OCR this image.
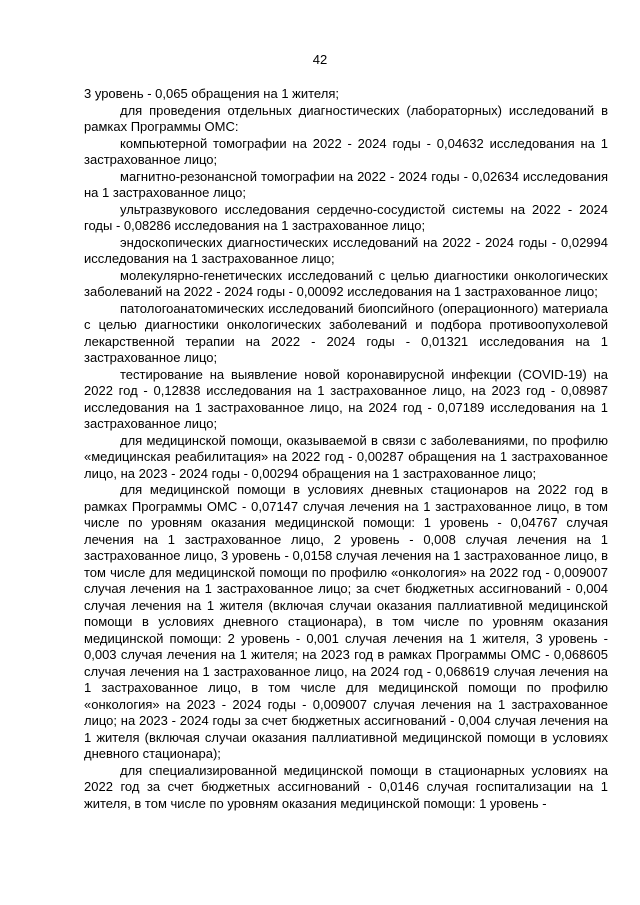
42

3 уровень - 0,065 обращения на 1 жителя;

для проведения отдельных диагностических (лабораторных) исследований в рамках Программы ОМС:

компьютерной томографии на 2022 - 2024 годы - 0,04632 исследования на 1 застрахованное лицо;

магнитно-резонансной томографии на 2022 - 2024 годы - 0,02634 исследования на 1 застрахованное лицо;

ультразвукового исследования сердечно-сосудистой системы на 2022 - 2024 годы - 0,08286 исследования на 1 застрахованное лицо;

эндоскопических диагностических исследований на 2022 - 2024 годы - 0,02994 исследования на 1 застрахованное лицо;

молекулярно-генетических исследований с целью диагностики онкологических заболеваний на 2022 - 2024 годы - 0,00092 исследования на 1 застрахованное лицо;

патологоанатомических исследований биопсийного (операционного) материала с целью диагностики онкологических заболеваний и подбора противоопухолевой лекарственной терапии на 2022 - 2024 годы - 0,01321 исследования на 1 застрахованное лицо;

тестирование на выявление новой коронавирусной инфекции (COVID-19) на 2022 год - 0,12838 исследования на 1 застрахованное лицо, на 2023 год - 0,08987 исследования на 1 застрахованное лицо, на 2024 год - 0,07189 исследования на 1 застрахованное лицо;

для медицинской помощи, оказываемой в связи с заболеваниями, по профилю «медицинская реабилитация» на 2022 год - 0,00287 обращения на 1 застрахованное лицо, на 2023 - 2024 годы - 0,00294 обращения на 1 застрахованное лицо;

для медицинской помощи в условиях дневных стационаров на 2022 год в рамках Программы ОМС - 0,07147 случая лечения на 1 застрахованное лицо, в том числе по уровням оказания медицинской помощи: 1 уровень - 0,04767 случая лечения на 1 застрахованное лицо, 2 уровень - 0,008 случая лечения на 1 застрахованное лицо, 3 уровень - 0,0158 случая лечения на 1 застрахованное лицо, в том числе для медицинской помощи по профилю «онкология» на 2022 год - 0,009007 случая лечения на 1 застрахованное лицо; за счет бюджетных ассигнований - 0,004 случая лечения на 1 жителя (включая случаи оказания паллиативной медицинской помощи в условиях дневного стационара), в том числе по уровням оказания медицинской помощи: 2 уровень - 0,001 случая лечения на 1 жителя, 3 уровень - 0,003 случая лечения на 1 жителя; на 2023 год в рамках Программы ОМС - 0,068605 случая лечения на 1 застрахованное лицо, на 2024 год - 0,068619 случая лечения на 1 застрахованное лицо, в том числе для медицинской помощи по профилю «онкология» на 2023 - 2024 годы - 0,009007 случая лечения на 1 застрахованное лицо; на 2023 - 2024 годы за счет бюджетных ассигнований - 0,004 случая лечения на 1 жителя (включая случаи оказания паллиативной медицинской помощи в условиях дневного стационара);

для специализированной медицинской помощи в стационарных условиях на 2022 год за счет бюджетных ассигнований - 0,0146 случая госпитализации на 1 жителя, в том числе по уровням оказания медицинской помощи: 1 уровень -
